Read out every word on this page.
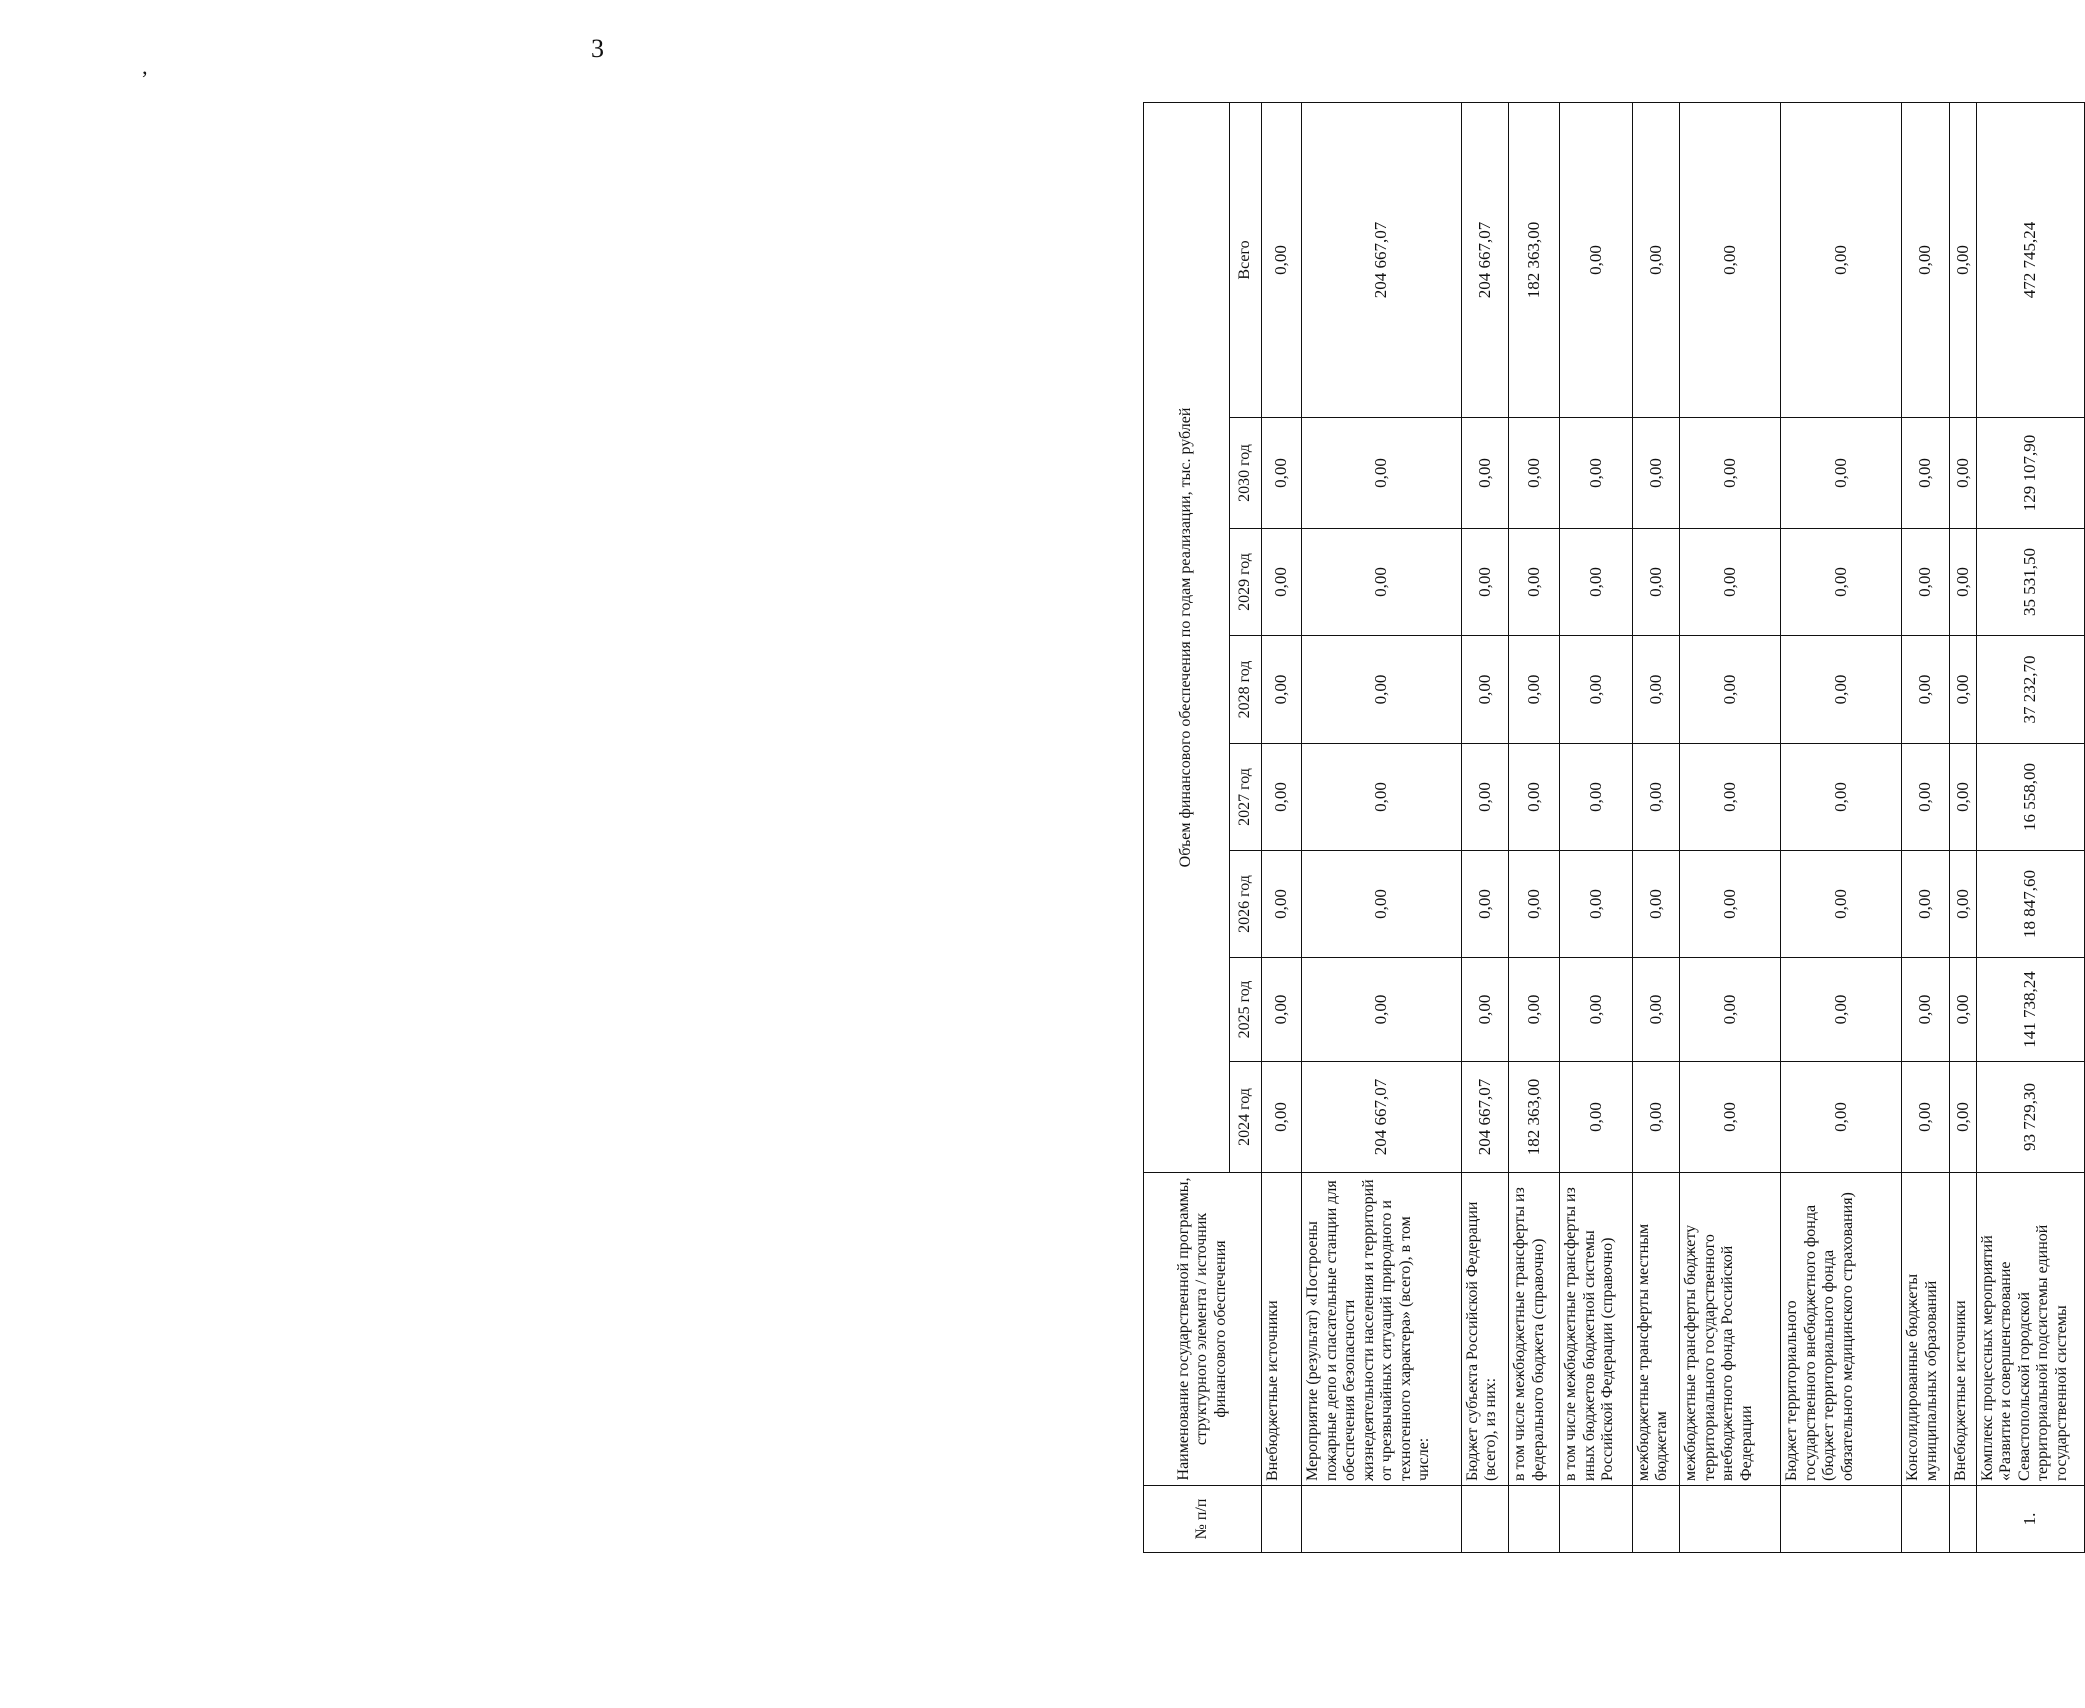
3
‚
№ п/п	Наименование государственной программы, структурного элемента / источник финансового обеспечения	Объем финансового обеспечения по годам реализации, тыс. рублей							
		2024 год	2025 год	2026 год	2027 год	2028 год	2029 год	2030 год	Всего
	Внебюджетные источники	0,00	0,00	0,00	0,00	0,00	0,00	0,00	0,00
	Мероприятие (результат) «Построены пожарные депо и спасательные станции для обеспечения безопасности жизнедеятельности населения и территорий от чрезвычайных ситуаций природного и техногенного характера» (всего), в том числе:	204 667,07	0,00	0,00	0,00	0,00	0,00	0,00	204 667,07
	Бюджет субъекта Российской Федерации (всего), из них:	204 667,07	0,00	0,00	0,00	0,00	0,00	0,00	204 667,07
	в том числе межбюджетные трансферты из федерального бюджета (справочно)	182 363,00	0,00	0,00	0,00	0,00	0,00	0,00	182 363,00
	в том числе межбюджетные трансферты из иных бюджетов бюджетной системы Российской Федерации (справочно)	0,00	0,00	0,00	0,00	0,00	0,00	0,00	0,00
	межбюджетные трансферты местным бюджетам	0,00	0,00	0,00	0,00	0,00	0,00	0,00	0,00
	межбюджетные трансферты бюджету территориального государственного внебюджетного фонда Российской Федерации	0,00	0,00	0,00	0,00	0,00	0,00	0,00	0,00
	Бюджет территориального государственного внебюджетного фонда (бюджет территориального фонда обязательного медицинского страхования)	0,00	0,00	0,00	0,00	0,00	0,00	0,00	0,00
	Консолидированные бюджеты муниципальных образований	0,00	0,00	0,00	0,00	0,00	0,00	0,00	0,00
	Внебюджетные источники	0,00	0,00	0,00	0,00	0,00	0,00	0,00	0,00
1.	Комплекс процессных мероприятий «Развитие и совершенствование Севастопольской городской территориальной подсистемы единой государственной системы	93 729,30	141 738,24	18 847,60	16 558,00	37 232,70	35 531,50	129 107,90	472 745,24
